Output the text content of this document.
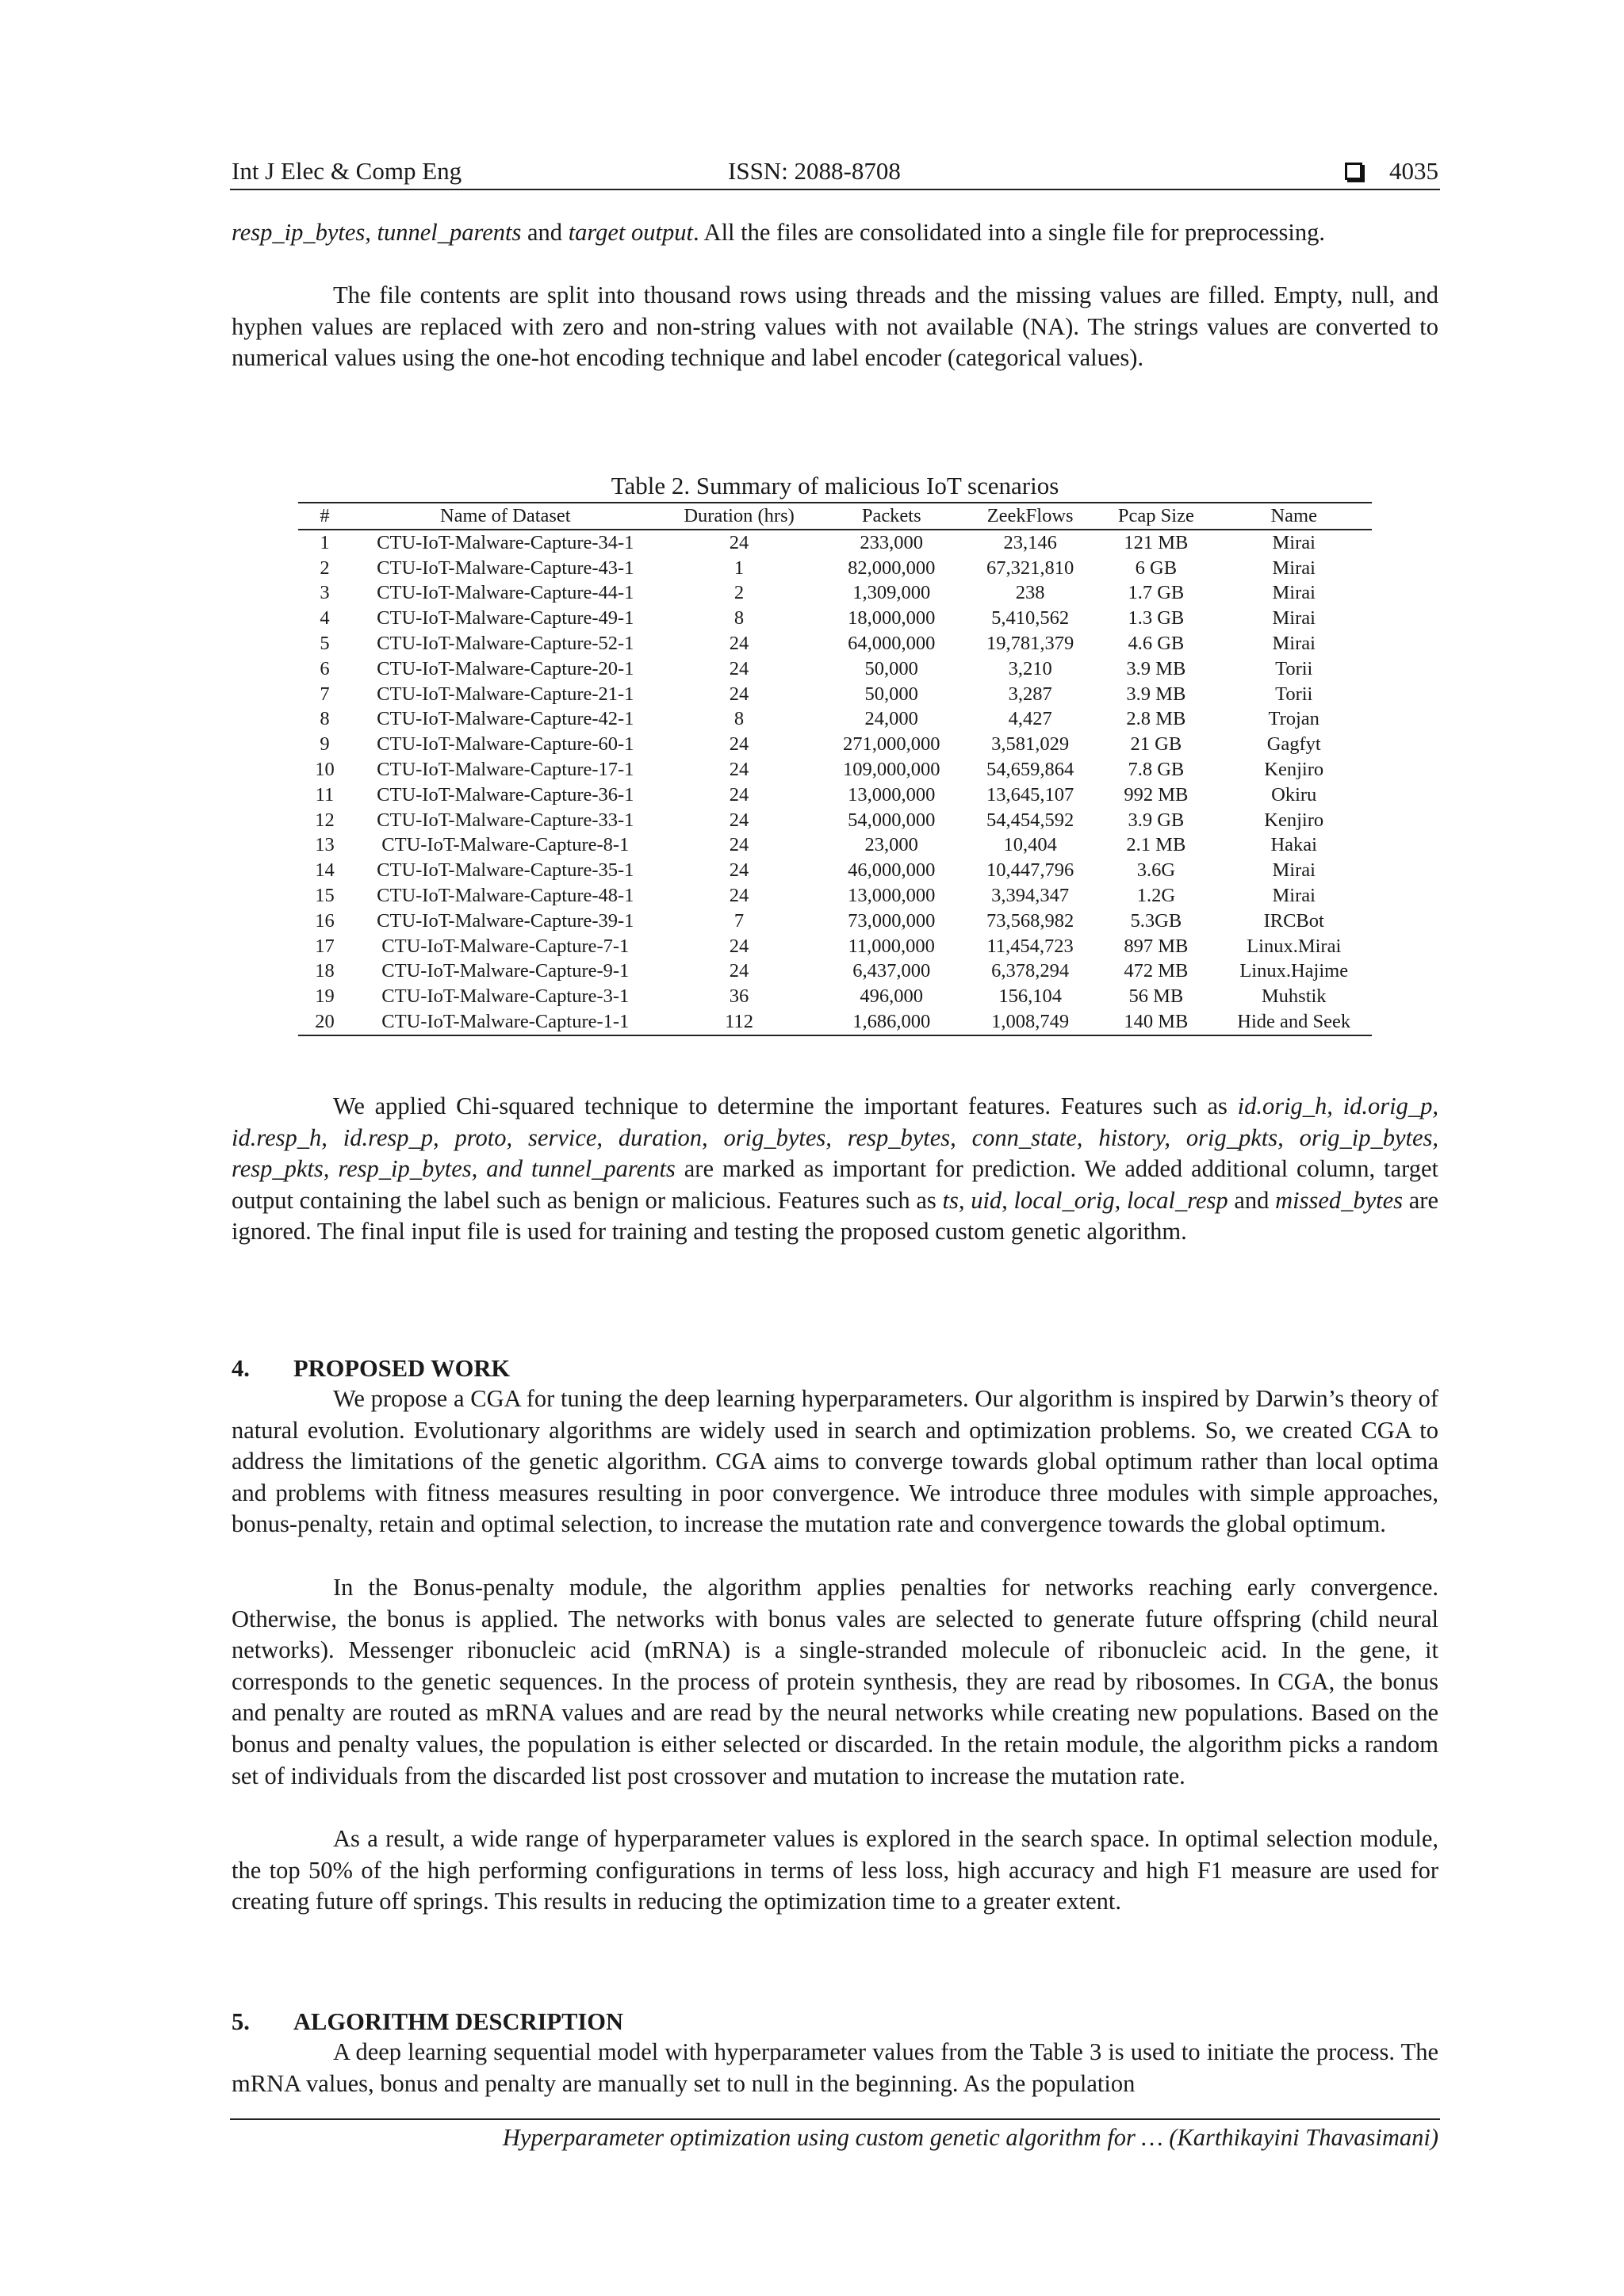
Int J Elec & Comp Eng	ISSN: 2088-8708	4035
resp_ip_bytes, tunnel_parents and target output. All the files are consolidated into a single file for preprocessing.
The file contents are split into thousand rows using threads and the missing values are filled. Empty, null, and hyphen values are replaced with zero and non-string values with not available (NA). The strings values are converted to numerical values using the one-hot encoding technique and label encoder (categorical values).
Table 2. Summary of malicious IoT scenarios
#	Name of Dataset	Duration (hrs)	Packets	ZeekFlows	Pcap Size	Name
1	CTU-IoT-Malware-Capture-34-1	24	233,000	23,146	121 MB	Mirai
2	CTU-IoT-Malware-Capture-43-1	1	82,000,000	67,321,810	6 GB	Mirai
3	CTU-IoT-Malware-Capture-44-1	2	1,309,000	238	1.7 GB	Mirai
4	CTU-IoT-Malware-Capture-49-1	8	18,000,000	5,410,562	1.3 GB	Mirai
5	CTU-IoT-Malware-Capture-52-1	24	64,000,000	19,781,379	4.6 GB	Mirai
6	CTU-IoT-Malware-Capture-20-1	24	50,000	3,210	3.9 MB	Torii
7	CTU-IoT-Malware-Capture-21-1	24	50,000	3,287	3.9 MB	Torii
8	CTU-IoT-Malware-Capture-42-1	8	24,000	4,427	2.8 MB	Trojan
9	CTU-IoT-Malware-Capture-60-1	24	271,000,000	3,581,029	21 GB	Gagfyt
10	CTU-IoT-Malware-Capture-17-1	24	109,000,000	54,659,864	7.8 GB	Kenjiro
11	CTU-IoT-Malware-Capture-36-1	24	13,000,000	13,645,107	992 MB	Okiru
12	CTU-IoT-Malware-Capture-33-1	24	54,000,000	54,454,592	3.9 GB	Kenjiro
13	CTU-IoT-Malware-Capture-8-1	24	23,000	10,404	2.1 MB	Hakai
14	CTU-IoT-Malware-Capture-35-1	24	46,000,000	10,447,796	3.6G	Mirai
15	CTU-IoT-Malware-Capture-48-1	24	13,000,000	3,394,347	1.2G	Mirai
16	CTU-IoT-Malware-Capture-39-1	7	73,000,000	73,568,982	5.3GB	IRCBot
17	CTU-IoT-Malware-Capture-7-1	24	11,000,000	11,454,723	897 MB	Linux.Mirai
18	CTU-IoT-Malware-Capture-9-1	24	6,437,000	6,378,294	472 MB	Linux.Hajime
19	CTU-IoT-Malware-Capture-3-1	36	496,000	156,104	56 MB	Muhstik
20	CTU-IoT-Malware-Capture-1-1	112	1,686,000	1,008,749	140 MB	Hide and Seek
We applied Chi-squared technique to determine the important features. Features such as id.orig_h, id.orig_p, id.resp_h, id.resp_p, proto, service, duration, orig_bytes, resp_bytes, conn_state, history, orig_pkts, orig_ip_bytes, resp_pkts, resp_ip_bytes, and tunnel_parents are marked as important for prediction. We added additional column, target output containing the label such as benign or malicious. Features such as ts, uid, local_orig, local_resp and missed_bytes are ignored. The final input file is used for training and testing the proposed custom genetic algorithm.
4. PROPOSED WORK
We propose a CGA for tuning the deep learning hyperparameters. Our algorithm is inspired by Darwin’s theory of natural evolution. Evolutionary algorithms are widely used in search and optimization problems. So, we created CGA to address the limitations of the genetic algorithm. CGA aims to converge towards global optimum rather than local optima and problems with fitness measures resulting in poor convergence. We introduce three modules with simple approaches, bonus-penalty, retain and optimal selection, to increase the mutation rate and convergence towards the global optimum.
In the Bonus-penalty module, the algorithm applies penalties for networks reaching early convergence. Otherwise, the bonus is applied. The networks with bonus vales are selected to generate future offspring (child neural networks). Messenger ribonucleic acid (mRNA) is a single-stranded molecule of ribonucleic acid. In the gene, it corresponds to the genetic sequences. In the process of protein synthesis, they are read by ribosomes. In CGA, the bonus and penalty are routed as mRNA values and are read by the neural networks while creating new populations. Based on the bonus and penalty values, the population is either selected or discarded. In the retain module, the algorithm picks a random set of individuals from the discarded list post crossover and mutation to increase the mutation rate.
As a result, a wide range of hyperparameter values is explored in the search space. In optimal selection module, the top 50% of the high performing configurations in terms of less loss, high accuracy and high F1 measure are used for creating future off springs. This results in reducing the optimization time to a greater extent.
5. ALGORITHM DESCRIPTION
A deep learning sequential model with hyperparameter values from the Table 3 is used to initiate the process. The mRNA values, bonus and penalty are manually set to null in the beginning. As the population
Hyperparameter optimization using custom genetic algorithm for … (Karthikayini Thavasimani)
